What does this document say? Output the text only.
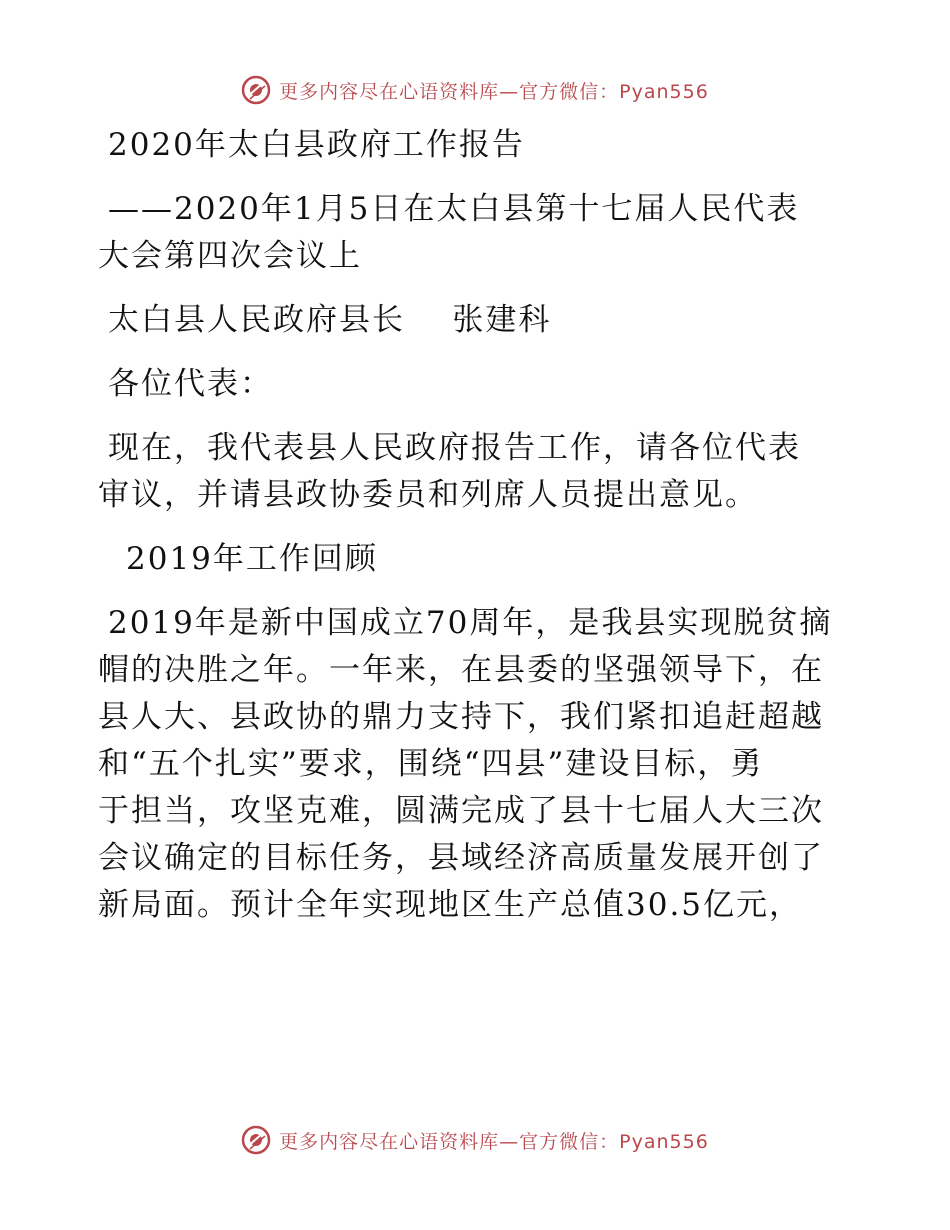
更多内容尽在心语资料库—官方微信：Pyan556

2020年太白县政府工作报告

——2020年1月5日在太白县第十七届人民代表

大会第四次会议上

太白县人民政府县长    张建科

各位代表：

现在，我代表县人民政府报告工作，请各位代表

审议，并请县政协委员和列席人员提出意见。

2019年工作回顾

2019年是新中国成立70周年，是我县实现脱贫摘

帽的决胜之年。一年来，在县委的坚强领导下，在

县人大、县政协的鼎力支持下，我们紧扣追赶超越

和“五个扎实”要求，围绕“四县”建设目标，勇

于担当，攻坚克难，圆满完成了县十七届人大三次

会议确定的目标任务，县域经济高质量发展开创了

新局面。预计全年实现地区生产总值30.5亿元，

更多内容尽在心语资料库—官方微信：Pyan556
